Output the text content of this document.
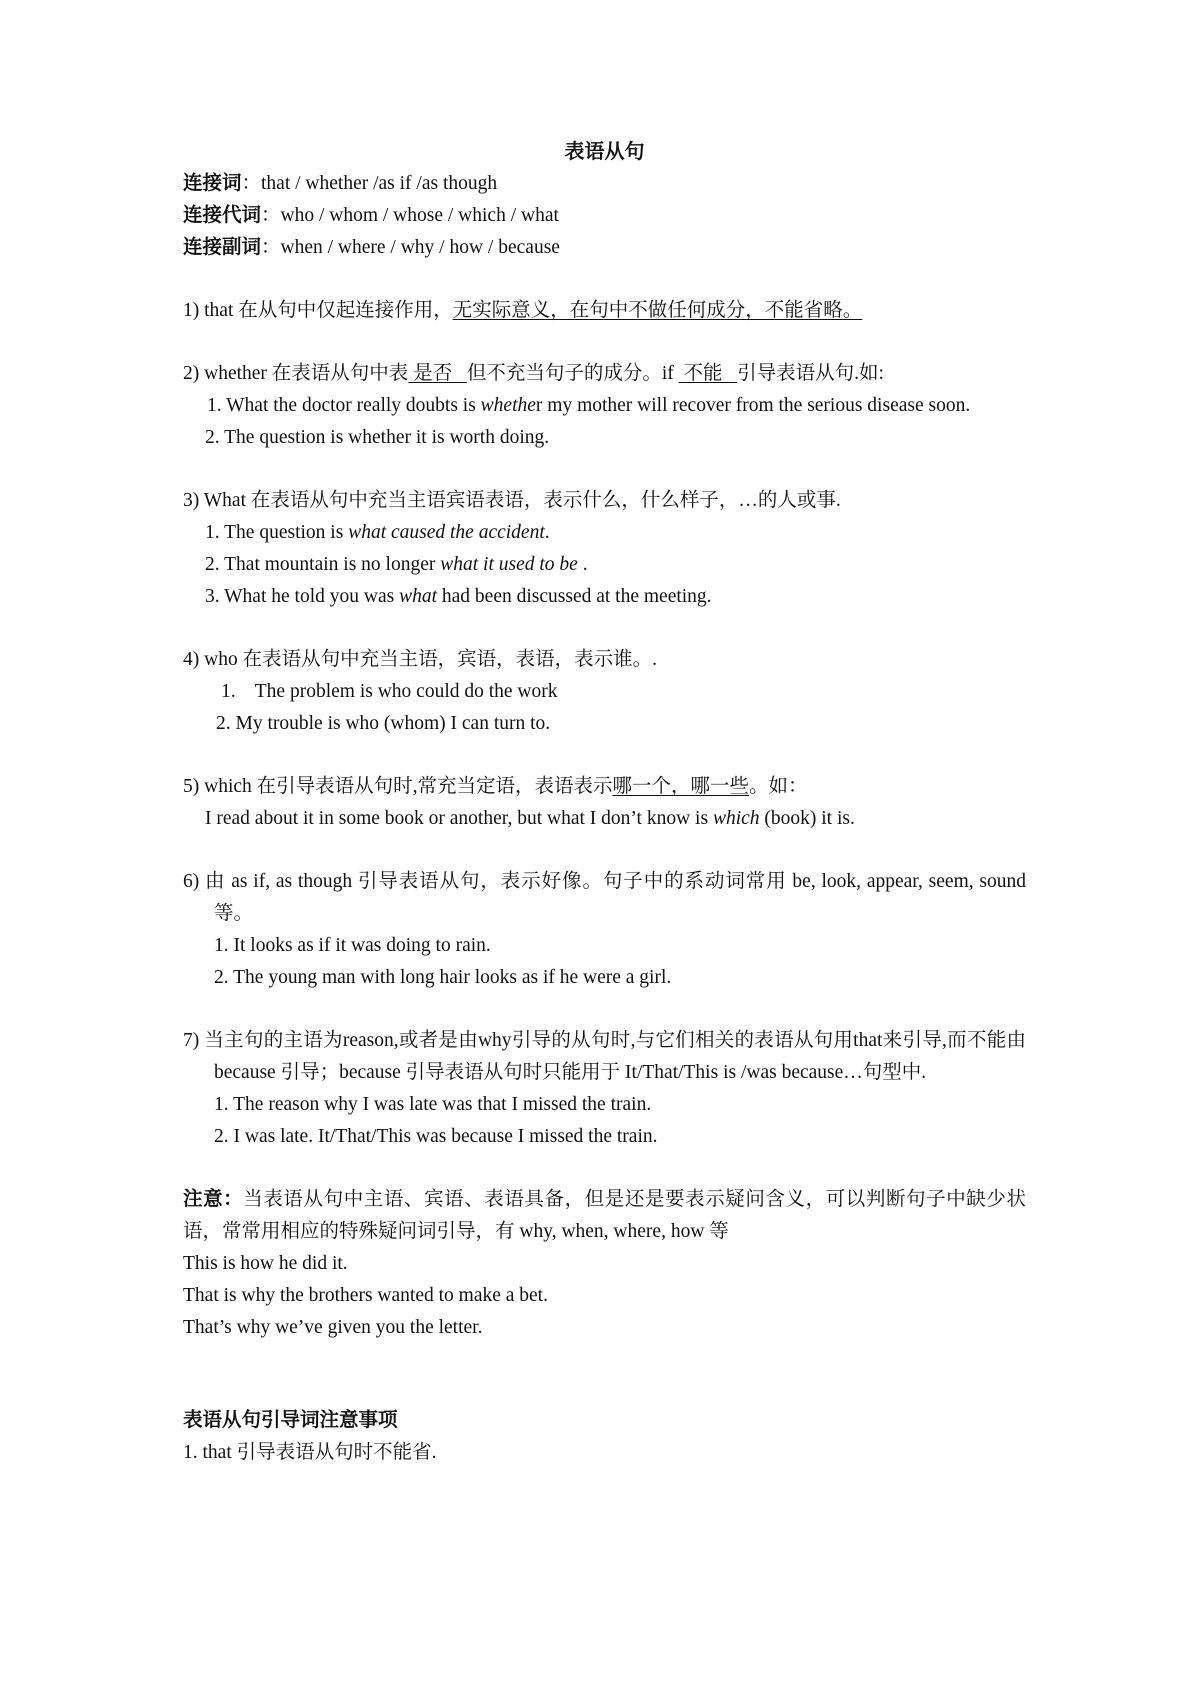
表语从句

连接词：that / whether /as if /as though

连接代词：who / whom / whose / which / what

连接副词：when / where / why / how / because

1) that 在从句中仅起连接作用，无实际意义，在句中不做任何成分，不能省略。

2) whether 在表语从句中表 是否   但不充当句子的成分。if  不能   引导表语从句.如:

1. What the doctor really doubts is whether my mother will recover from the serious disease soon.

2. The question is whether it is worth doing.

3) What 在表语从句中充当主语宾语表语，表示什么，什么样子，…的人或事.

1. The question is what caused the accident.

2. That mountain is no longer what it used to be .

3. What he told you was what had been discussed at the meeting.

4) who 在表语从句中充当主语，宾语，表语，表示谁。.

1.    The problem is who could do the work

2. My trouble is who (whom) I can turn to.

5) which 在引导表语从句时,常充当定语，表语表示哪一个，哪一些。如：

I read about it in some book or another, but what I don’t know is which (book) it is.

6) 由 as if, as though 引导表语从句，表示好像。句子中的系动词常用 be, look, appear, seem, sound 等。

1. It looks as if it was doing to rain.

2. The young man with long hair looks as if he were a girl.

7) 当主句的主语为reason,或者是由why引导的从句时,与它们相关的表语从句用that来引导,而不能由 because 引导；because 引导表语从句时只能用于 It/That/This is /was because…句型中.

1. The reason why I was late was that I missed the train.

2. I was late. It/That/This was because I missed the train.

注意：当表语从句中主语、宾语、表语具备，但是还是要表示疑问含义，可以判断句子中缺少状语，常常用相应的特殊疑问词引导，有 why, when, where, how 等

This is how he did it.

That is why the brothers wanted to make a bet.

That’s why we’ve given you the letter.

表语从句引导词注意事项

1. that 引导表语从句时不能省.
